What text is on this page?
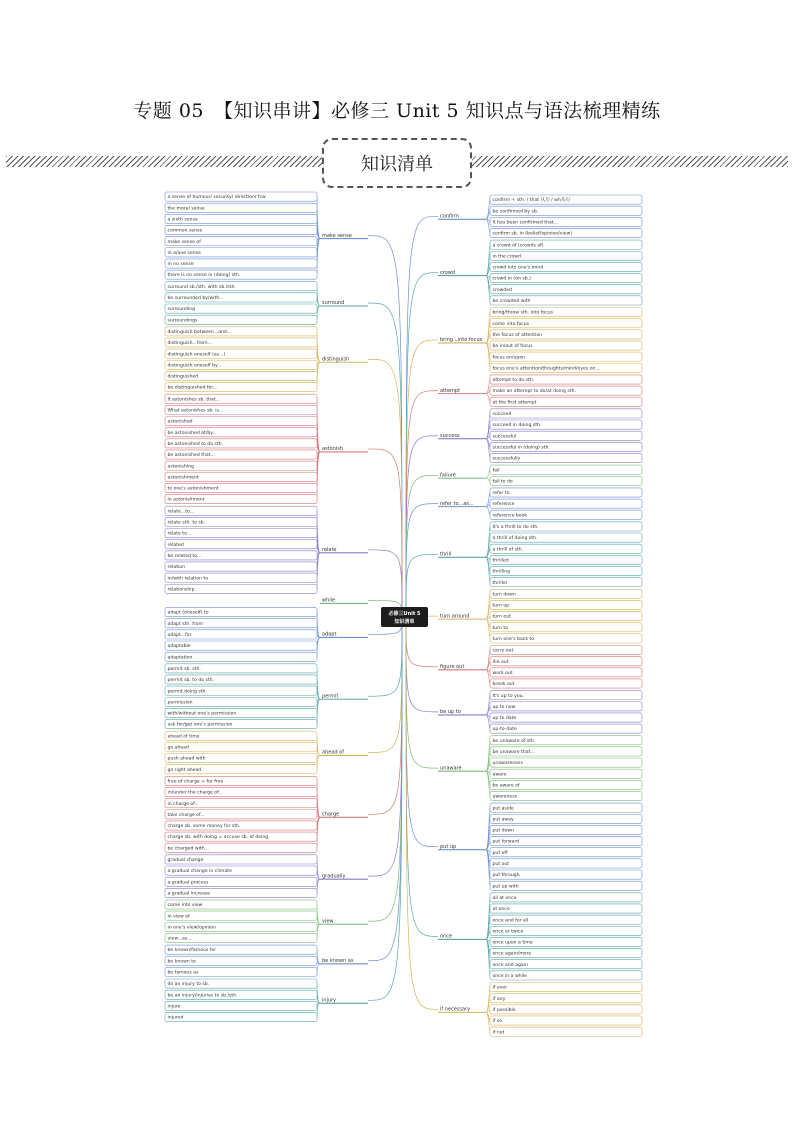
专题 05　【知识串讲】必修三 Unit 5 知识点与语法梳理精练
知识清单
必修三Unit 5
知识清单
make sense
a sense of humour/ security/ direction/ fcw
the moral sense
a sixth sense
common sense
make sense of
in a/one sense
in no sense
there is no sense in (doing) sth.
surround
surround sb./sth. with sb./sth.
be surrounded by/with...
surrounding
surroundings
distinguish
distinguish between...and...
distinguish...from...
distinguish oneself (as...)
distinguish oneself by...
distinguished
be distinguished for...
astonish
It astonishes sb. that...
What astonishes sb. is...
astonished
be astonished at/by...
be astonished to do sth.
be astonished that...
astonishing
astonishment
to one's astonishment
in astonishment
relate
relate...to...
relate sth. to sb.
relate to...
related
be related to...
relation
in/with relation to
relationship
while
adapt
adapt (oneself) to
adapt sth. from
adapt...for
adaptable
adaptation
permit
permit sb. sth.
permit sb. to do sth.
permit doing sth.
permission
with/without one's permission
ask for/get one's permission
ahead of
ahead of time
go ahead
push ahead with
go right ahead
charge
free of charge = for free
in/under the charge of...
in charge of...
take charge of...
charge sb. some money for sth.
charge sb. with doing = accuse sb. of doing
be charged with...
gradually
gradual change
a gradual change in climate
a gradual process
a gradual increase
view
come into view
in view of
in one's view/opinion
view...as...
be known as
be known/famous for
be known to
be famous as
injury
do an injury to sb.
be an injury/injuries to sb./sth.
injure
injured
confirm
confirm + sth. / that 从句 / wh从句
be confirmed by sb.
It has been confirmed that...
confirm sb. in (belief/opinion/view)
crowd
a crowd of (crowds of)
in the crowd
crowd into one's mind
crowd in (on sb.)
crowded
be crowded with
bring...into focus
bring/throw sth. into focus
come into focus
the focus of attention
be in/out of focus
focus on/upon
focus one's attention/thoughts/mind/eyes on...
attempt
attempt to do sth.
make an attempt to do/at doing sth.
at the first attempt
success
succeed
succeed in doing sth.
successful
successful in (doing) sth.
successfully
failure
fail
fail to do
refer to...as...
refer to
reference
reference book
thrill
It's a thrill to do sth.
a thrill of doing sth.
a thrill of sth.
thrilled
thrilling
thriller
turn around
turn down
turn up
turn out
turn to
turn one's back to
figure out
carry out
die out
work out
break out
be up to
It's up to you.
up to now
up to date
up-to-date
unaware
be unaware of sth.
be unaware that...
unawareness
aware
be aware of
awareness
put up
put aside
put away
put down
put forward
put off
put out
put through
put up with
once
all at once
at once
once and for all
once or twice
once upon a time
once again/more
once and again
once in a while
if necessary
if ever
if any
if possible
if so
if not
